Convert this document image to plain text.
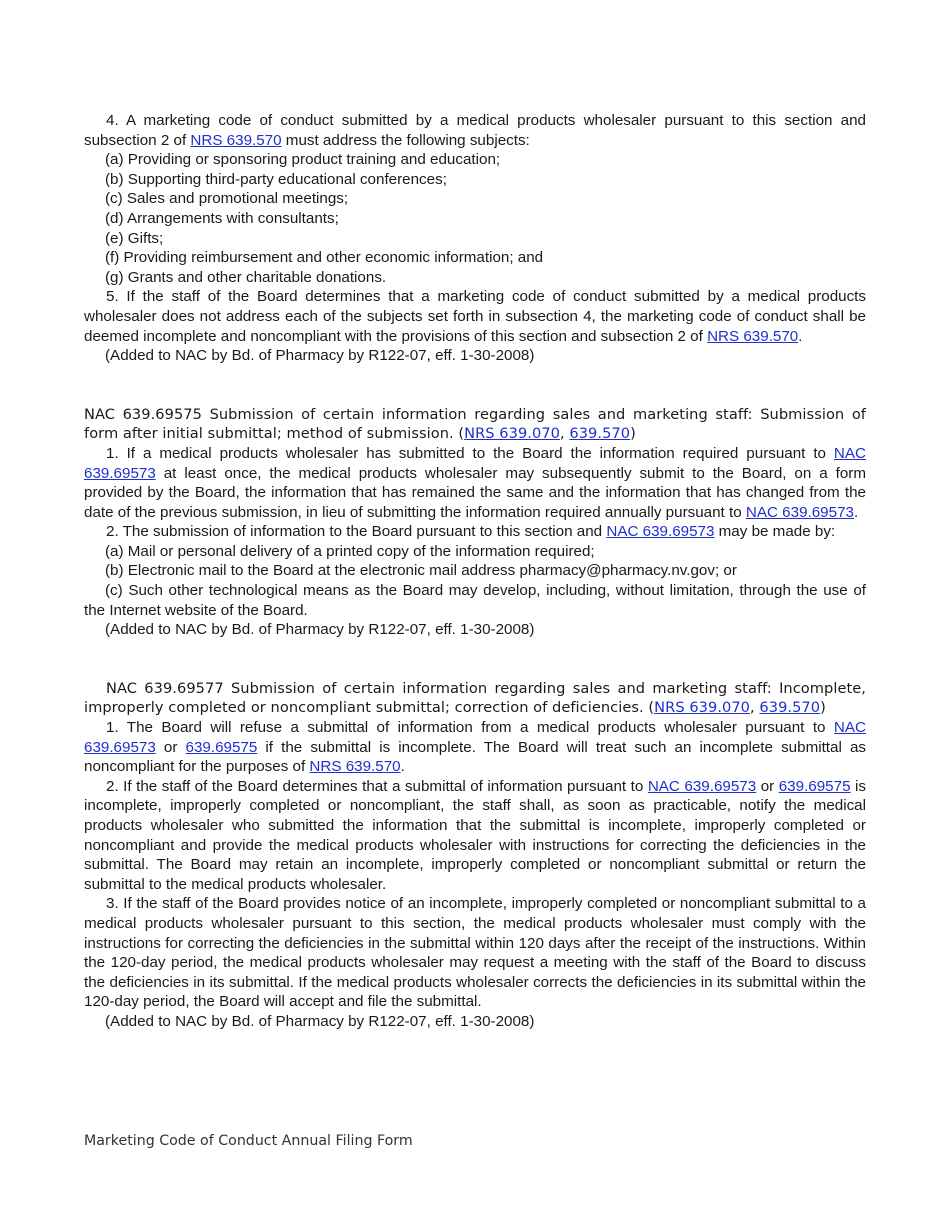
4. A marketing code of conduct submitted by a medical products wholesaler pursuant to this section and subsection 2 of NRS 639.570 must address the following subjects:

(a) Providing or sponsoring product training and education;

(b) Supporting third-party educational conferences;

(c) Sales and promotional meetings;

(d) Arrangements with consultants;

(e) Gifts;

(f) Providing reimbursement and other economic information; and

(g) Grants and other charitable donations.

5. If the staff of the Board determines that a marketing code of conduct submitted by a medical products wholesaler does not address each of the subjects set forth in subsection 4, the marketing code of conduct shall be deemed incomplete and noncompliant with the provisions of this section and subsection 2 of NRS 639.570.

(Added to NAC by Bd. of Pharmacy by R122-07, eff. 1-30-2008)

NAC 639.69575 Submission of certain information regarding sales and marketing staff: Submission of form after initial submittal; method of submission. (NRS 639.070, 639.570)

1. If a medical products wholesaler has submitted to the Board the information required pursuant to NAC 639.69573 at least once, the medical products wholesaler may subsequently submit to the Board, on a form provided by the Board, the information that has remained the same and the information that has changed from the date of the previous submission, in lieu of submitting the information required annually pursuant to NAC 639.69573.

2. The submission of information to the Board pursuant to this section and NAC 639.69573 may be made by:

(a) Mail or personal delivery of a printed copy of the information required;

(b) Electronic mail to the Board at the electronic mail address pharmacy@pharmacy.nv.gov; or

(c) Such other technological means as the Board may develop, including, without limitation, through the use of the Internet website of the Board.

(Added to NAC by Bd. of Pharmacy by R122-07, eff. 1-30-2008)

NAC 639.69577 Submission of certain information regarding sales and marketing staff: Incomplete, improperly completed or noncompliant submittal; correction of deficiencies. (NRS 639.070, 639.570)

1. The Board will refuse a submittal of information from a medical products wholesaler pursuant to NAC 639.69573 or 639.69575 if the submittal is incomplete. The Board will treat such an incomplete submittal as noncompliant for the purposes of NRS 639.570.

2. If the staff of the Board determines that a submittal of information pursuant to NAC 639.69573 or 639.69575 is incomplete, improperly completed or noncompliant, the staff shall, as soon as practicable, notify the medical products wholesaler who submitted the information that the submittal is incomplete, improperly completed or noncompliant and provide the medical products wholesaler with instructions for correcting the deficiencies in the submittal. The Board may retain an incomplete, improperly completed or noncompliant submittal or return the submittal to the medical products wholesaler.

3. If the staff of the Board provides notice of an incomplete, improperly completed or noncompliant submittal to a medical products wholesaler pursuant to this section, the medical products wholesaler must comply with the instructions for correcting the deficiencies in the submittal within 120 days after the receipt of the instructions. Within the 120-day period, the medical products wholesaler may request a meeting with the staff of the Board to discuss the deficiencies in its submittal. If the medical products wholesaler corrects the deficiencies in its submittal within the 120-day period, the Board will accept and file the submittal.

(Added to NAC by Bd. of Pharmacy by R122-07, eff. 1-30-2008)

Marketing Code of Conduct Annual Filing Form
